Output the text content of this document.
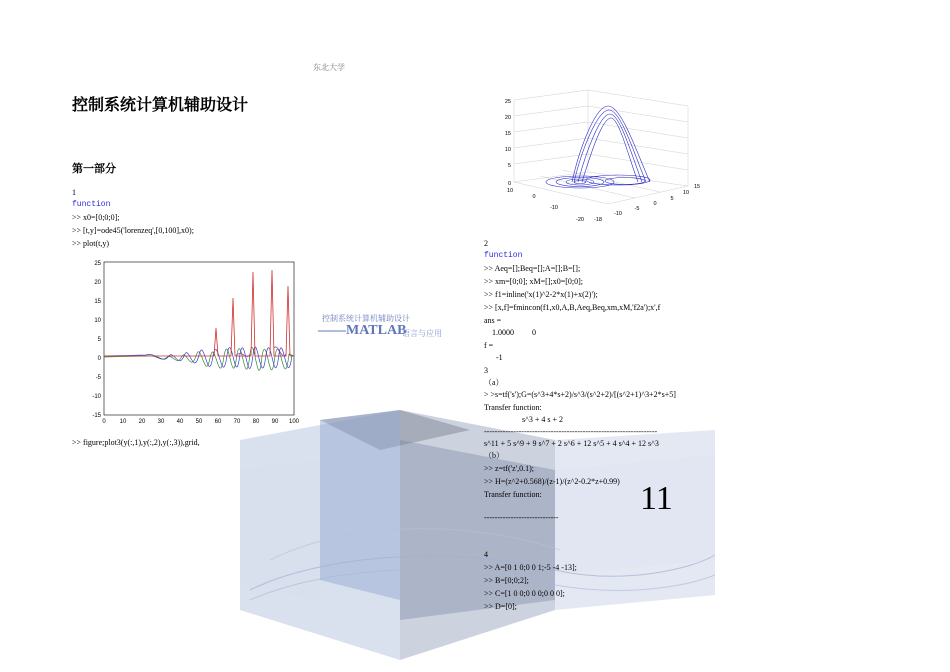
东北大学
控制系统计算机辅助设计
第一部分
1
function
>> x0=[0;0;0];
>> [t,y]=ode45('lorenzeq',[0,100],x0);
>> plot(t,y)
25
20
15
10
5
0
-5
-10
-15
0 10 20 30 40 50 60 70 80 90 100
>> figure;plot3(y(:,1),y(:,2),y(:,3)),grid,
控制系统计算机辅助设计
——MATLAB
语言与应用
25
20
15
10
5
0
10
0
-10
-20 -18
-10
-5
0
5
10
15
2
function
>> Aeq=[];Beq=[];A=[];B=[];
>> xm=[0;0]; xM=[];x0=[0;0];
>> f1=inline('x(1)^2-2*x(1)+x(2)');
>> [x,f]=fmincon(f1,x0,A,B,Aeq,Beq,xm,xM,'f2a');x',f
ans =
1.0000         0
f =
-1
3
（a）
> >s=tf('s');G=(s^3+4*s+2)/s^3/(s^2+2)/[(s^2+1)^3+2*s+5]
Transfer function:
s^3 + 4 s + 2
-----------------------------------------------------------------
s^11 + 5 s^9 + 9 s^7 + 2 s^6 + 12 s^5 + 4 s^4 + 12 s^3
（b）
>> z=tf('z',0.1);
>> H=(z^2+0.568)/(z-1)/(z^2-0.2*z+0.99)
Transfer function:
----------------------------
4
>> A=[0 1 0;0 0 1;-5 -4 -13];
>> B=[0;0;2];
>> C=[1 0 0;0 0 0;0 0 0];
>> D=[0];
11
